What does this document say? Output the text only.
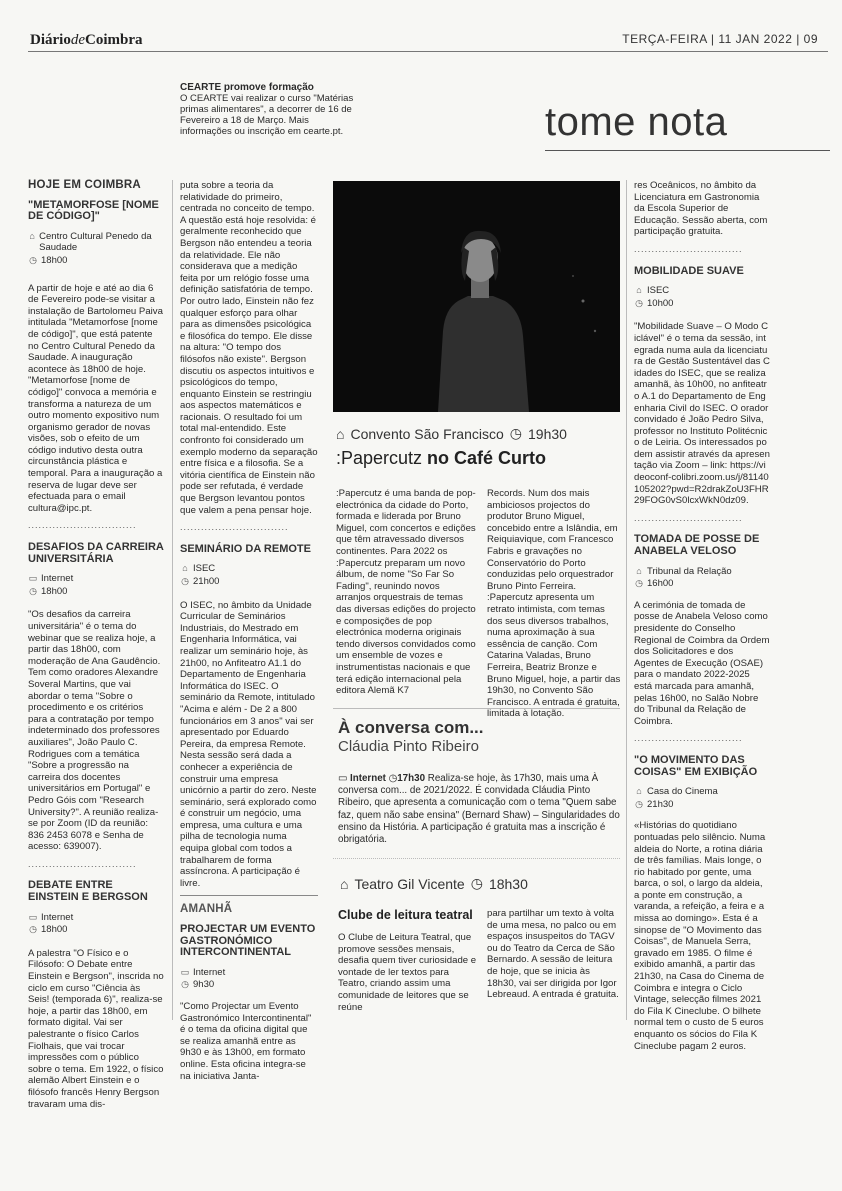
DiáriodeCoimbra	TERÇA-FEIRA | 11 JAN 2022 | 09
CEARTE promove formação
O CEARTE vai realizar o curso "Matérias primas alimentares", a decorrer de 16 de Fevereiro a 18 de Março. Mais informações ou inscrição em cearte.pt.	tome nota
HOJE EM COIMBRA
"METAMORFOSE [NOME DE CÓDIGO]"
⌂ Centro Cultural Penedo da Saudade
◷ 18h00

A partir de hoje e até ao dia 6 de Fevereiro pode-se visitar a instalação de Bartolomeu Paiva intitulada "Metamorfose [nome de código]", que está patente no Centro Cultural Penedo da Saudade. A inauguração acontece às 18h00 de hoje. "Metamorfose [nome de código]" convoca a memória e transforma a natureza de um outro momento expositivo num organismo gerador de novas visões, sob o efeito de um código indutivo desta outra circunstância plástica e temporal. Para a inauguração a reserva de lugar deve ser efectuada para o email cultura@ipc.pt.

...............................
DESAFIOS DA CARREIRA UNIVERSITÁRIA
▭ Internet
◷ 18h00

"Os desafios da carreira universitária" é o tema do webinar que se realiza hoje, a partir das 18h00, com moderação de Ana Gaudêncio. Tem como oradores Alexandre Soveral Martins, que vai abordar o tema "Sobre o procedimento e os critérios para a contratação por tempo indeterminado dos professores auxiliares", João Paulo C. Rodrigues com a temática "Sobre a progressão na carreira dos docentes universitários em Portugal" e Pedro Góis com "Research University?". A reunião realiza-se por Zoom (ID da reunião: 836 2453 6078 e Senha de acesso: 639007).

...............................
DEBATE ENTRE EINSTEIN E BERGSON
▭ Internet
◷ 18h00

A palestra "O Físico e o Filósofo: O Debate entre Einstein e Bergson", inscrida no ciclo em curso "Ciência às Seis! (temporada 6)", realiza-se hoje, a partir das 18h00, em formato digital. Vai ser palestrante o físico Carlos Fiolhais, que vai trocar impressões com o público sobre o tema. Em 1922, o físico alemão Albert Einstein e o filósofo francês Henry Bergson travaram uma dis-

puta sobre a teoria da relatividade do primeiro, centrada no conceito de tempo. A questão está hoje resolvida: é geralmente reconhecido que Bergson não entendeu a teoria da relatividade. Ele não considerava que a medição feita por um relógio fosse uma definição satisfatória de tempo. Por outro lado, Einstein não fez qualquer esforço para olhar para as dimensões psicológica e filosófica do tempo. Ele disse na altura: "O tempo dos filósofos não existe". Bergson discutiu os aspectos intuitivos e psicológicos do tempo, enquanto Einstein se restringiu aos aspectos matemáticos e racionais. O resultado foi um total mal-entendido. Este confronto foi considerado um exemplo moderno da separação entre física e a filosofia. Se a vitória científica de Einstein não pode ser refutada, é verdade que Bergson levantou pontos que valem a pena pensar hoje.

...............................
SEMINÁRIO DA REMOTE
⌂ ISEC
◷ 21h00

O ISEC, no âmbito da Unidade Curricular de Seminários Industriais, do Mestrado em Engenharia Informática, vai realizar um seminário hoje, às 21h00, no Anfiteatro A1.1 do Departamento de Engenharia Informática do ISEC. O seminário da Remote, intitulado "Acima e além - De 2 a 800 funcionários em 3 anos" vai ser apresentado por Eduardo Pereira, da empresa Remote. Nesta sessão será dada a conhecer a experiência de construir uma empresa unicórnio a partir do zero. Neste seminário, será explorado como é construir um negócio, uma empresa, uma cultura e uma pilha de tecnologia numa equipa global com todos a trabalharem de forma assíncrona. A participação é livre.

AMANHÃ
PROJECTAR UM EVENTO GASTRONÓMICO INTERCONTINENTAL
▭ Internet
◷ 9h30

"Como Projectar um Evento Gastronómico Intercontinental" é o tema da oficina digital que se realiza amanhã entre as 9h30 e às 13h00, em formato online. Esta oficina integra-se na iniciativa Janta-

⌂ Convento São Francisco ◷ 19h30
:Papercutz no Café Curto
:Papercutz é uma banda de pop-electrónica da cidade do Porto, formada e liderada por Bruno Miguel, com concertos e edições que têm atravessado diversos continentes. Para 2022 os :Papercutz preparam um novo álbum, de nome "So Far So Fading", reunindo novos arranjos orquestrais de temas das diversas edições do projecto e composições de pop electrónica moderna originais tendo diversos convidados como um ensemble de vozes e instrumentistas nacionais e que terá edição internacional pela editora Alemã K7
Records. Num dos mais ambiciosos projectos do produtor Bruno Miguel, concebido entre a Islândia, em Reiquiavique, com Francesco Fabris e gravações no Conservatório do Porto conduzidas pelo orquestrador Bruno Pinto Ferreira. :Papercutz apresenta um retrato intimista, com temas dos seus diversos trabalhos, numa aproximação à sua essência de canção. Com Catarina Valadas, Bruno Ferreira, Beatriz Bronze e Bruno Miguel, hoje, a partir das 19h30, no Convento São Francisco. A entrada é gratuita, limitada à lotação.
À conversa com...
Cláudia Pinto Ribeiro
▭ Internet ◷17h30 Realiza-se hoje, às 17h30, mais uma À conversa com... de 2021/2022. É convidada Cláudia Pinto Ribeiro, que apresenta a comunicação com o tema "Quem sabe faz, quem não sabe ensina" (Bernard Shaw) – Singularidades do ensino da História. A participação é gratuita mas a inscrição é obrigatória.
⌂ Teatro Gil Vicente ◷ 18h30
Clube de leitura teatral
O Clube de Leitura Teatral, que promove sessões mensais, desafia quem tiver curiosidade e vontade de ler textos para Teatro, criando assim uma comunidade de leitores que se reúne
para partilhar um texto à volta de uma mesa, no palco ou em espaços insuspeitos do TAGV ou do Teatro da Cerca de São Bernardo. A sessão de leitura de hoje, que se inicia às 18h30, vai ser dirigida por Igor Lebreaud. A entrada é gratuita.

res Oceânicos, no âmbito da Licenciatura em Gastronomia da Escola Superior de Educação. Sessão aberta, com participação gratuita.

...............................
MOBILIDADE SUAVE
⌂ ISEC
◷ 10h00

"Mobilidade Suave – O Modo Ciclável" é o tema da sessão, integrada numa aula da licenciatura de Gestão Sustentável das Cidades do ISEC, que se realiza amanhã, às 10h00, no anfiteatro A.1 do Departamento de Engenharia Civil do ISEC. O orador convidado é João Pedro Silva, professor no Instituto Politécnico de Leiria. Os interessados podem assistir através da apresentação via Zoom – link: https://videoconf-colibri.zoom.us/j/81140105202?pwd=R2drakZoU3FHR29FOG0vS0lcxWkN0dz09.

...............................
TOMADA DE POSSE DE ANABELA VELOSO
⌂ Tribunal da Relação
◷ 16h00

A cerimónia de tomada de posse de Anabela Veloso como presidente do Conselho Regional de Coimbra da Ordem dos Solicitadores e dos Agentes de Execução (OSAE) para o mandato 2022-2025 está marcada para amanhã, pelas 16h00, no Salão Nobre do Tribunal da Relação de Coimbra.

...............................
"O MOVIMENTO DAS COISAS" EM EXIBIÇÃO
⌂ Casa do Cinema
◷ 21h30

«Histórias do quotidiano pontuadas pelo silêncio. Numa aldeia do Norte, a rotina diária de três famílias. Mais longe, o rio habitado por gente, uma barca, o sol, o largo da aldeia, a ponte em construção, a varanda, a refeição, a feira e a missa ao domingo». Esta é a sinopse de "O Movimento das Coisas", de Manuela Serra, gravado em 1985. O filme é exibido amanhã, a partir das 21h30, na Casa do Cinema de Coimbra e integra o Ciclo Vintage, selecção filmes 2021 do Fila K Cineclube. O bilhete normal tem o custo de 5 euros enquanto os sócios do Fila K Cineclube pagam 2 euros.
